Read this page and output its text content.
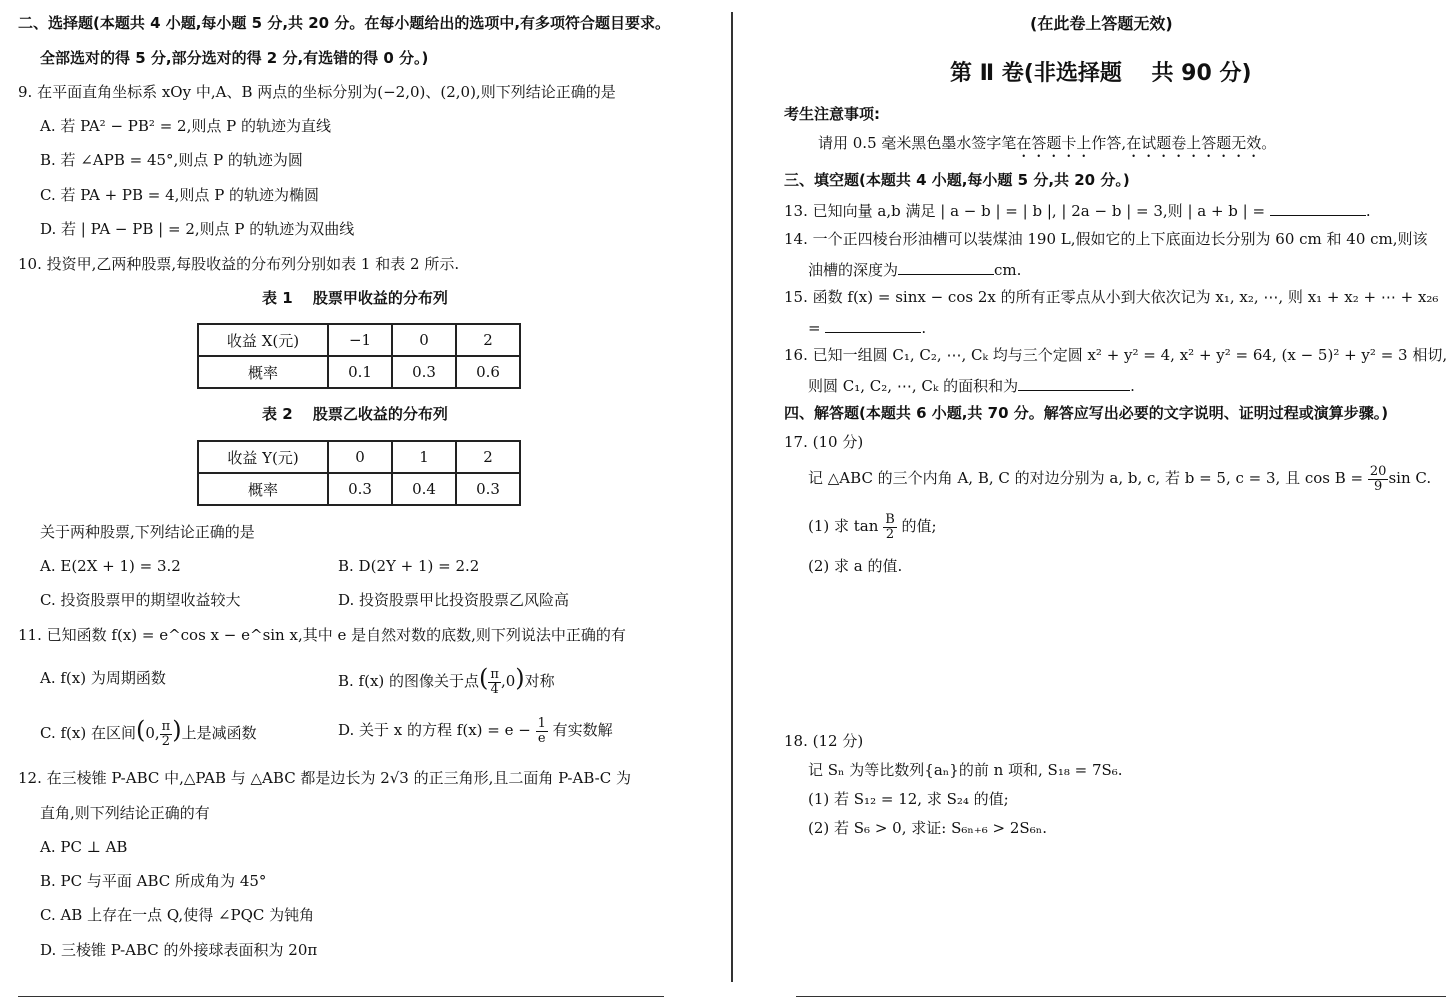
二、选择题(本题共 4 小题,每小题 5 分,共 20 分。在每小题给出的选项中,有多项符合题目要求。
全部选对的得 5 分,部分选对的得 2 分,有选错的得 0 分。)
9. 在平面直角坐标系 xOy 中,A、B 两点的坐标分别为(−2,0)、(2,0),则下列结论正确的是
A. 若 PA² − PB² = 2,则点 P 的轨迹为直线
B. 若 ∠APB = 45°,则点 P 的轨迹为圆
C. 若 PA + PB = 4,则点 P 的轨迹为椭圆
D. 若 | PA − PB | = 2,则点 P 的轨迹为双曲线
10. 投资甲,乙两种股票,每股收益的分布列分别如表 1 和表 2 所示.
表 1　 股票甲收益的分布列
收益 X(元)	−1	0	2
概率	0.1	0.3	0.6
表 2　 股票乙收益的分布列
收益 Y(元)	0	1	2
概率	0.3	0.4	0.3
关于两种股票,下列结论正确的是
A. E(2X + 1) = 3.2	B. D(2Y + 1) = 2.2
C. 投资股票甲的期望收益较大	D. 投资股票甲比投资股票乙风险高
11. 已知函数 f(x) = e^cos x − e^sin x,其中 e 是自然对数的底数,则下列说法中正确的有
A. f(x) 为周期函数	B. f(x) 的图像关于点( $\frac{\pi}{4} ,0$)对称
C. f(x) 在区间(0, $\frac{\pi}{2}$ )上是减函数	D. 关于 x 的方程 $f(x) = e - \frac{1}{e}$ 有实数解
12. 在三棱锥 P-ABC 中,△PAB 与 △ABC 都是边长为 2√3 的正三角形,且二面角 P-AB-C 为
直角,则下列结论正确的有
A. PC ⊥ AB
B. PC 与平面 ABC 所成角为 45°
C. AB 上存在一点 Q,使得 ∠PQC 为钝角
D. 三棱锥 P-ABC 的外接球表面积为 20π
(在此卷上答题无效)
第 Ⅱ 卷(非选择题　 共 90 分)
考生注意事项:
请用 0.5 毫米黑色墨水签字笔在答题卡上作答,在试题卷上答题无效。
三、填空题(本题共 4 小题,每小题 5 分,共 20 分。)
13. 已知向量 a,b 满足 | a − b | = | b |, | 2a − b | = 3,则 | a + b | =	.
14. 一个正四棱台形油槽可以装煤油 190 L,假如它的上下底面边长分别为 60 cm 和 40 cm,则该
油槽的深度为	cm.
15. 函数 f(x) = sinx − cos 2x 的所有正零点从小到大依次记为 x₁, x₂, ⋯, 则 x₁ + x₂ + ⋯ + x₂₆
=	.
16. 已知一组圆 C₁, C₂, ⋯, Cₖ 均与三个定圆 x² + y² = 4, x² + y² = 64, (x − 5)² + y² = 3 相切,
则圆 C₁, C₂, ⋯, Cₖ 的面积和为	.
四、解答题(本题共 6 小题,共 70 分。解答应写出必要的文字说明、证明过程或演算步骤。)
17. (10 分)
记 △ABC 的三个内角 A, B, C 的对边分别为 a, b, c, 若 b = 5, c = 3, 且 $\cos B = \frac{20}{9}$ sin C.
(1) 求 $\tan \frac{B}{2}$ 的值;
(2) 求 a 的值.
18. (12 分)
记 Sₙ 为等比数列{aₙ}的前 n 项和, S₁₈ = 7S₆.
(1) 若 S₁₂ = 12, 求 S₂₄ 的值;
(2) 若 S₆ > 0, 求证: S₆ₙ₊₆ > 2S₆ₙ.
